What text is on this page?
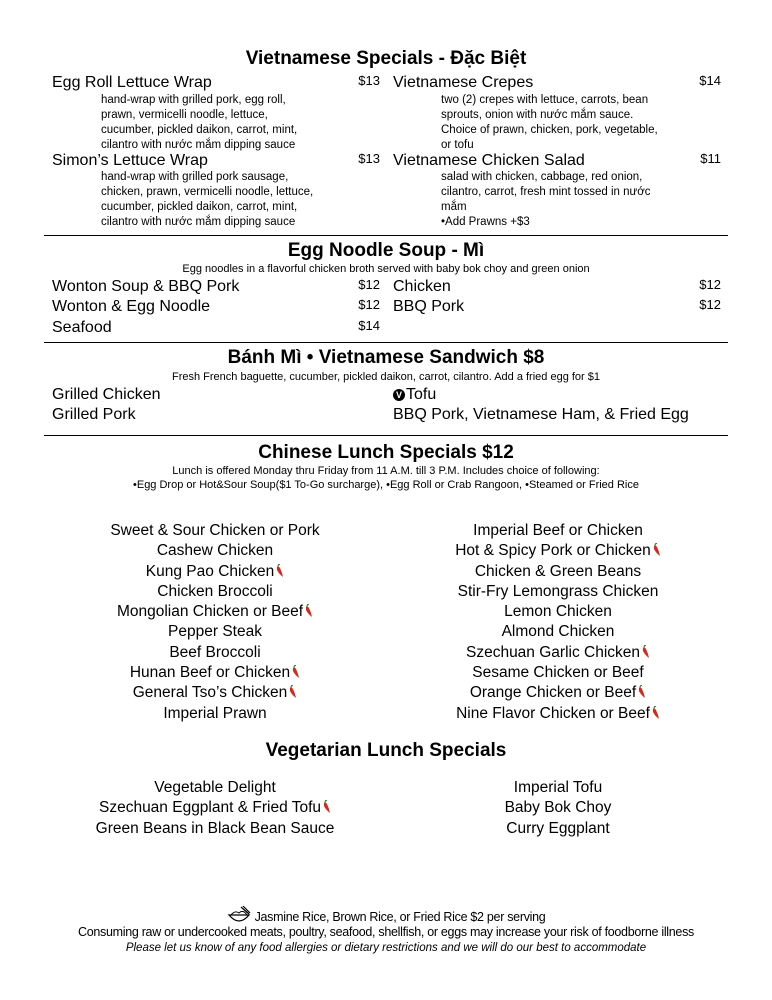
Vietnamese Specials - Đặc Biệt
Egg Roll Lettuce Wrap	$13
hand-wrap with grilled pork, egg roll,
prawn, vermicelli noodle, lettuce,
cucumber, pickled daikon, carrot, mint,
cilantro with nước mắm dipping sauce
Simon’s Lettuce Wrap	$13
hand-wrap with grilled pork sausage,
chicken, prawn, vermicelli noodle, lettuce,
cucumber, pickled daikon, carrot, mint,
cilantro with nước mắm dipping sauce
Vietnamese Crepes	$14
two (2) crepes with lettuce, carrots, bean
sprouts, onion with nước mắm sauce.
Choice of prawn, chicken, pork, vegetable,
or tofu
Vietnamese Chicken Salad	$11
salad with chicken, cabbage, red onion,
cilantro, carrot, fresh mint tossed in nước
mắm
•Add Prawns +$3
Egg Noodle Soup - Mì
Egg noodles in a flavorful chicken broth served with baby bok choy and green onion
Wonton Soup & BBQ Pork	$12
Wonton & Egg Noodle	$12
Seafood	$14
Chicken	$12
BBQ Pork	$12
Bánh Mì • Vietnamese Sandwich $8
Fresh French baguette, cucumber, pickled daikon, carrot, cilantro. Add a fried egg for $1
Grilled Chicken
Grilled Pork
V Tofu
BBQ Pork, Vietnamese Ham, & Fried Egg
Chinese Lunch Specials $12
Lunch is offered Monday thru Friday from 11 A.M. till 3 P.M. Includes choice of following:
•Egg Drop or Hot&Sour Soup($1 To-Go surcharge), •Egg Roll or Crab Rangoon, •Steamed or Fried Rice
Sweet & Sour Chicken or Pork
Cashew Chicken
Kung Pao Chicken
Chicken Broccoli
Mongolian Chicken or Beef
Pepper Steak
Beef Broccoli
Hunan Beef or Chicken
General Tso’s Chicken
Imperial Prawn
Imperial Beef or Chicken
Hot & Spicy Pork or Chicken
Chicken & Green Beans
Stir-Fry Lemongrass Chicken
Lemon Chicken
Almond Chicken
Szechuan Garlic Chicken
Sesame Chicken or Beef
Orange Chicken or Beef
Nine Flavor Chicken or Beef
Vegetarian Lunch Specials
Vegetable Delight
Szechuan Eggplant & Fried Tofu
Green Beans in Black Bean Sauce
Imperial Tofu
Baby Bok Choy
Curry Eggplant
Jasmine Rice, Brown Rice, or Fried Rice $2 per serving
Consuming raw or undercooked meats, poultry, seafood, shellfish, or eggs may increase your risk of foodborne illness
Please let us know of any food allergies or dietary restrictions and we will do our best to accommodate
